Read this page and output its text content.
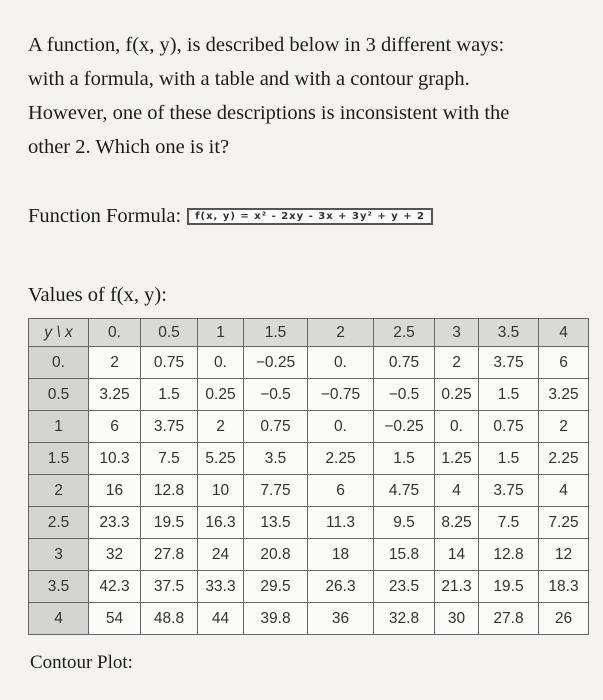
A function, f(x, y), is described below in 3 different ways:
with a formula, with a table and with a contour graph.
However, one of these descriptions is inconsistent with the
other 2. Which one is it?
Function Formula:	f(x, y) = x² - 2xy - 3x + 3y² + y + 2
Values of f(x, y):
y \ x	0.	0.5	1	1.5	2	2.5	3	3.5	4
0.	2	0.75	0.	−0.25	0.	0.75	2	3.75	6
0.5	3.25	1.5	0.25	−0.5	−0.75	−0.5	0.25	1.5	3.25
1	6	3.75	2	0.75	0.	−0.25	0.	0.75	2
1.5	10.3	7.5	5.25	3.5	2.25	1.5	1.25	1.5	2.25
2	16	12.8	10	7.75	6	4.75	4	3.75	4
2.5	23.3	19.5	16.3	13.5	11.3	9.5	8.25	7.5	7.25
3	32	27.8	24	20.8	18	15.8	14	12.8	12
3.5	42.3	37.5	33.3	29.5	26.3	23.5	21.3	19.5	18.3
4	54	48.8	44	39.8	36	32.8	30	27.8	26
Contour Plot:
